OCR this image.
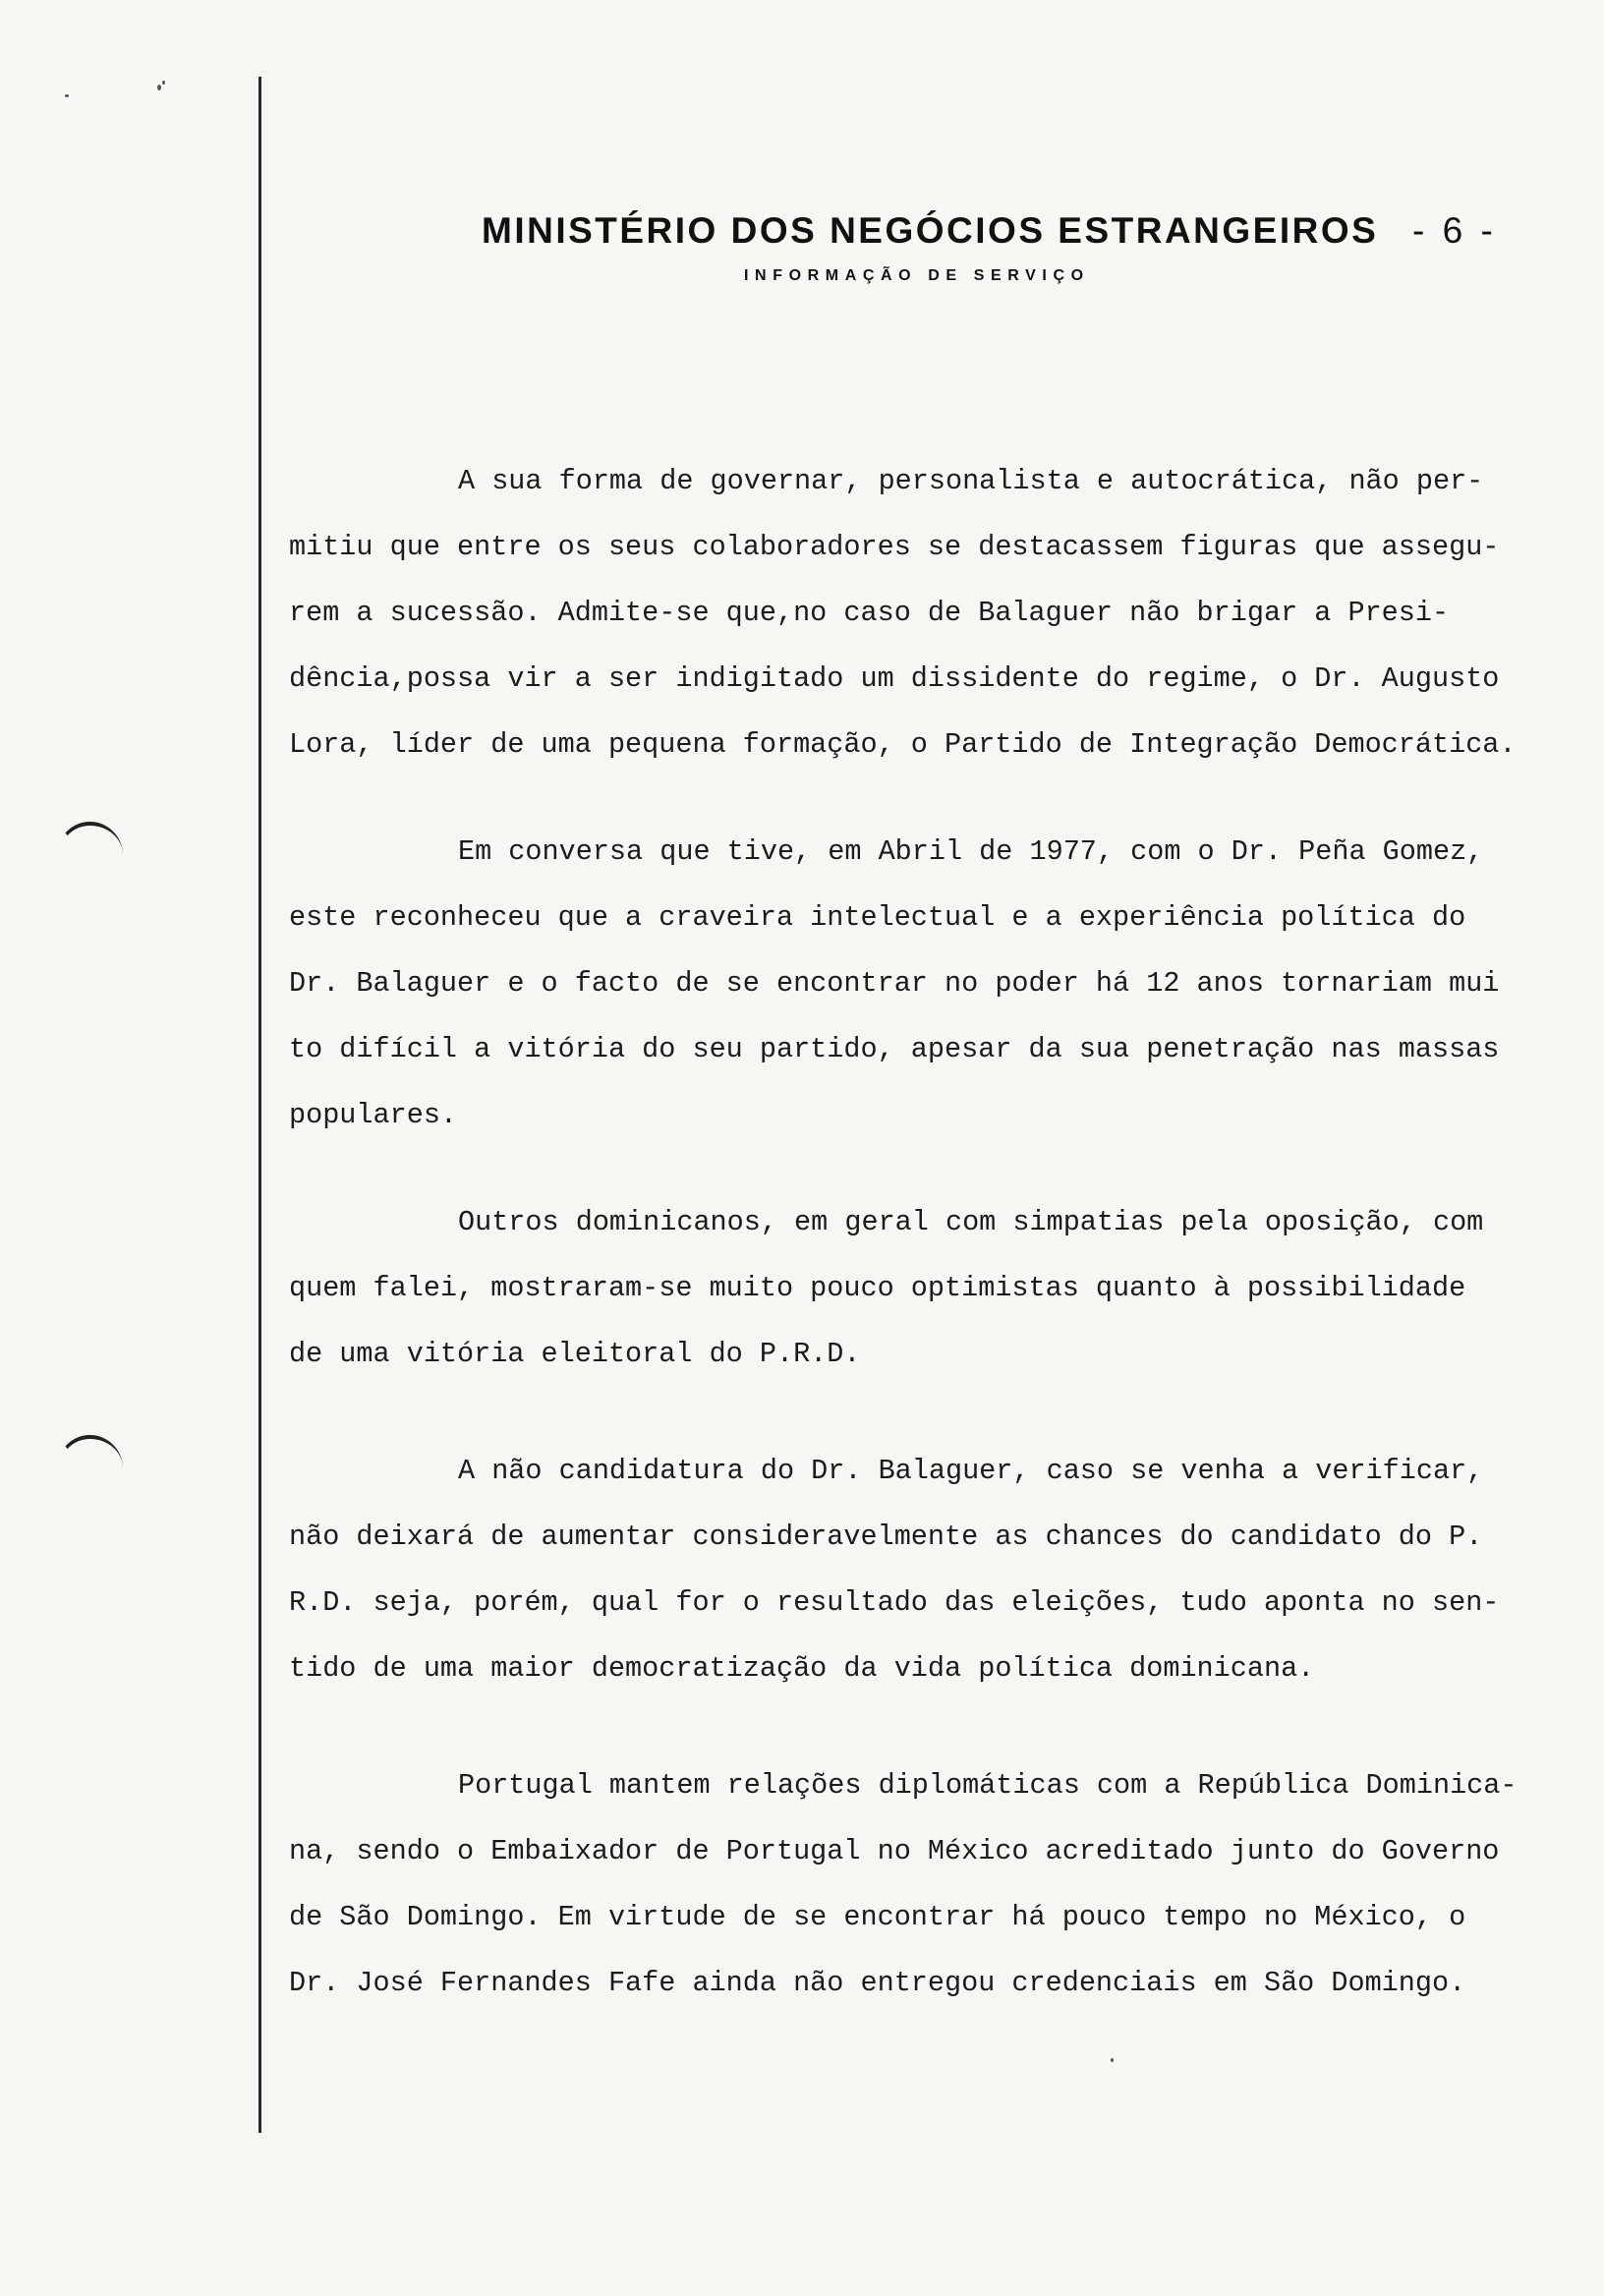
MINISTÉRIO DOS NEGÓCIOS ESTRANGEIROS - 6 -
INFORMAÇÃO DE SERVIÇO
A sua forma de governar, personalista e autocrática, não per-
mitiu que entre os seus colaboradores se destacassem figuras que assegu-
rem a sucessão. Admite-se que,no caso de Balaguer não brigar a Presi-
dência,possa vir a ser indigitado um dissidente do regime, o Dr. Augusto
Lora, líder de uma pequena formação, o Partido de Integração Democrática.
Em conversa que tive, em Abril de 1977, com o Dr. Peña Gomez,
este reconheceu que a craveira intelectual e a experiência política do
Dr. Balaguer e o facto de se encontrar no poder há 12 anos tornariam mui
to difícil a vitória do seu partido, apesar da sua penetração nas massas
populares.
Outros dominicanos, em geral com simpatias pela oposição, com
quem falei, mostraram-se muito pouco optimistas quanto à possibilidade
de uma vitória eleitoral do P.R.D.
A não candidatura do Dr. Balaguer, caso se venha a verificar,
não deixará de aumentar consideravelmente as chances do candidato do P.
R.D. seja, porém, qual for o resultado das eleições, tudo aponta no sen-
tido de uma maior democratização da vida política dominicana.
Portugal mantem relações diplomáticas com a República Dominica-
na, sendo o Embaixador de Portugal no México acreditado junto do Governo
de São Domingo. Em virtude de se encontrar há pouco tempo no México, o
Dr. José Fernandes Fafe ainda não entregou credenciais em São Domingo.
